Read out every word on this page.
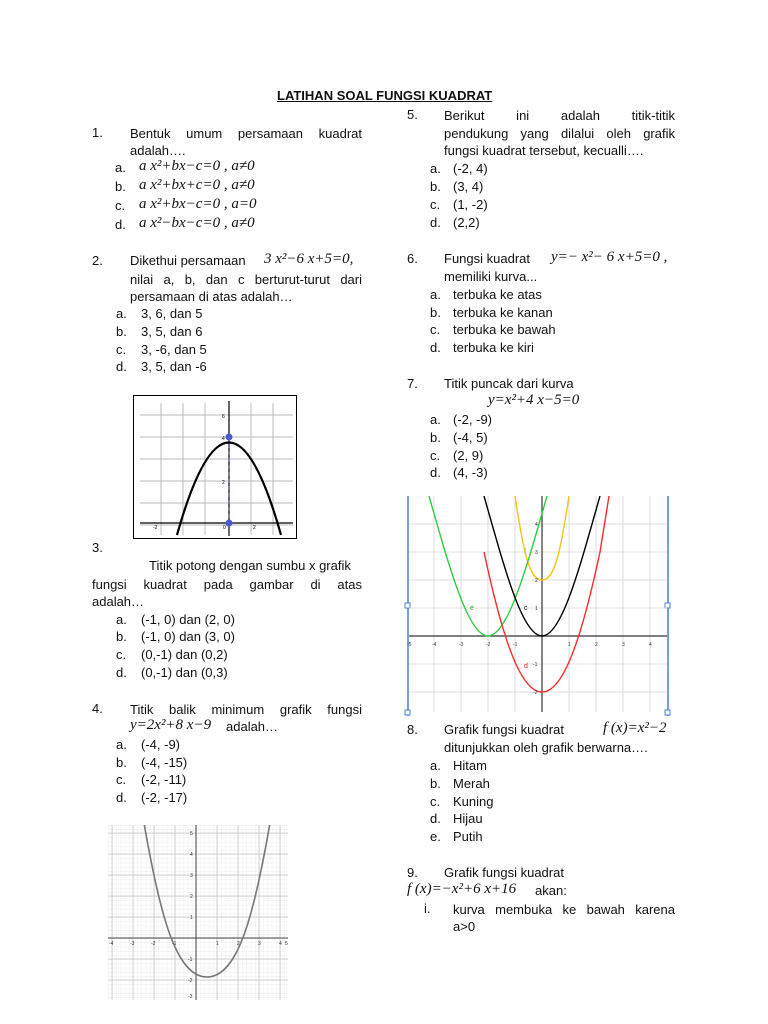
LATIHAN SOAL FUNGSI KUADRAT
1. Bentuk umum persamaan kuadrat
adalah….
a. a x²+bx−c=0 , a≠0
b. a x²+bx+c=0 , a≠0
c. a x²+bx−c=0 , a=0
d. a x²−bx−c=0 , a≠0
2. Dikethui persamaan 3 x²−6 x+5=0,
nilai a, b, dan c berturut-turut dari
persamaan di atas adalah…
a. 3, 6, dan 5
b. 3, 5, dan 6
c. 3, -6, dan 5
d. 3, 5, dan -6
6
4
2
-2	2
0
3.
Titik potong dengan sumbu x grafik
fungsi kuadrat pada gambar di atas
adalah…
a. (-1, 0) dan (2, 0)
b. (-1, 0) dan (3, 0)
c. (0,-1) dan (0,2)
d. (0,-1) dan (0,3)
4. Titik balik minimum grafik fungsi
y=2x²+8 x−9 adalah…
a. (-4, -9)
b. (-4, -15)
c. (-2, -11)
d. (-2, -17)
-4	-3	-2	-1	1	2	3	4 5
5
4
3
2
1
-1
-2
-3
5. Berikut ini adalah titik-titik
pendukung yang dilalui oleh grafik
fungsi kuadrat tersebut, kecualli….
a. (-2, 4)
b. (3, 4)
c. (1, -2)
d. (2,2)
6. Fungsi kuadrat y=− x²− 6 x+5=0 ,
memiliki kurva...
a. terbuka ke atas
b. terbuka ke kanan
c. terbuka ke bawah
d. terbuka ke kiri
7. Titik puncak dari kurva
y=x²+4 x−5=0
a. (-2, -9)
b. (-4, 5)
c. (2, 9)
d. (4, -3)
f
e	c
d
-5	-4	-3	-2	-1	1	2	3	4
4
3
2
1
-1
-2
8. Grafik fungsi kuadrat	f (x)=x²−2
ditunjukkan oleh grafik berwarna….
a. Hitam
b. Merah
c. Kuning
d. Hijau
e. Putih
9. Grafik fungsi kuadrat
f (x)=−x²+6 x+16 akan:
i. kurva membuka ke bawah karena
a>0
